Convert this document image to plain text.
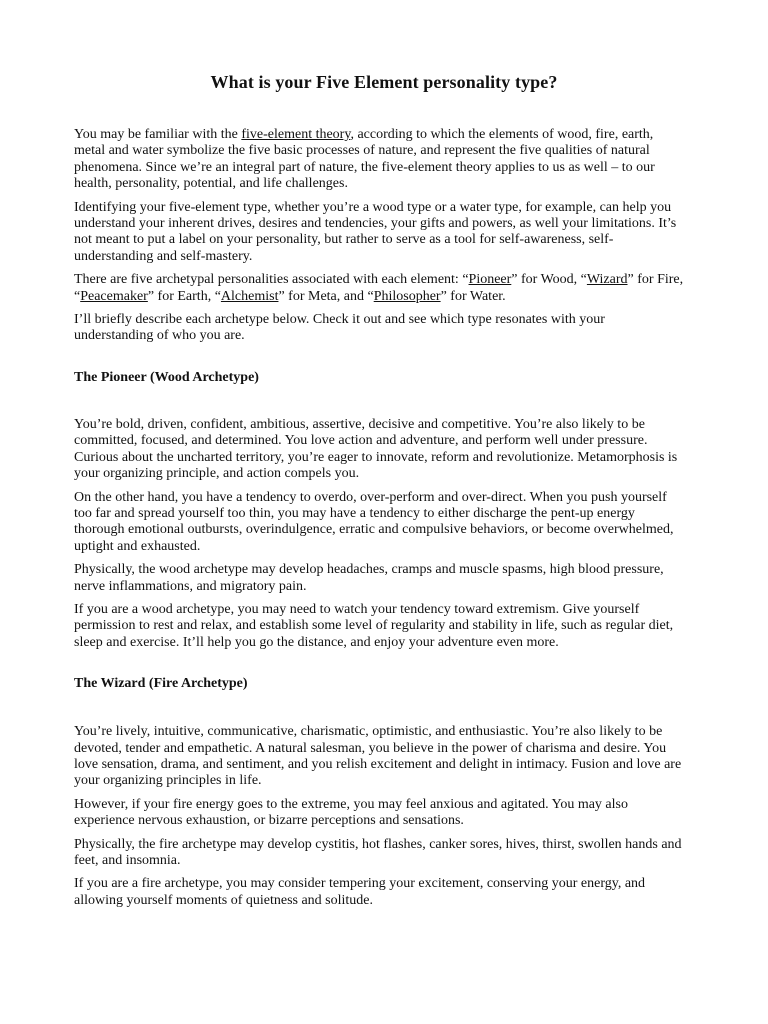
What is your Five Element personality type?

You may be familiar with the five-element theory, according to which the elements of wood, fire, earth, metal and water symbolize the five basic processes of nature, and represent the five qualities of natural phenomena. Since we’re an integral part of nature, the five-element theory applies to us as well – to our health, personality, potential, and life challenges.

Identifying your five-element type, whether you’re a wood type or a water type, for example, can help you understand your inherent drives, desires and tendencies, your gifts and powers, as well your limitations. It’s not meant to put a label on your personality, but rather to serve as a tool for self-awareness, self-understanding and self-mastery.

There are five archetypal personalities associated with each element: “Pioneer” for Wood, “Wizard” for Fire, “Peacemaker” for Earth, “Alchemist” for Meta, and “Philosopher” for Water.

I’ll briefly describe each archetype below. Check it out and see which type resonates with your understanding of who you are.

The Pioneer (Wood Archetype)

You’re bold, driven, confident, ambitious, assertive, decisive and competitive. You’re also likely to be committed, focused, and determined. You love action and adventure, and perform well under pressure. Curious about the uncharted territory, you’re eager to innovate, reform and revolutionize. Metamorphosis is your organizing principle, and action compels you.

On the other hand, you have a tendency to overdo, over-perform and over-direct. When you push yourself too far and spread yourself too thin, you may have a tendency to either discharge the pent-up energy thorough emotional outbursts, overindulgence, erratic and compulsive behaviors, or become overwhelmed, uptight and exhausted.

Physically, the wood archetype may develop headaches, cramps and muscle spasms, high blood pressure, nerve inflammations, and migratory pain.

If you are a wood archetype, you may need to watch your tendency toward extremism. Give yourself permission to rest and relax, and establish some level of regularity and stability in life, such as regular diet, sleep and exercise. It’ll help you go the distance, and enjoy your adventure even more.

The Wizard (Fire Archetype)

You’re lively, intuitive, communicative, charismatic, optimistic, and enthusiastic. You’re also likely to be devoted, tender and empathetic. A natural salesman, you believe in the power of charisma and desire. You love sensation, drama, and sentiment, and you relish excitement and delight in intimacy. Fusion and love are your organizing principles in life.

However, if your fire energy goes to the extreme, you may feel anxious and agitated. You may also experience nervous exhaustion, or bizarre perceptions and sensations.

Physically, the fire archetype may develop cystitis, hot flashes, canker sores, hives, thirst, swollen hands and feet, and insomnia.

If you are a fire archetype, you may consider tempering your excitement, conserving your energy, and allowing yourself moments of quietness and solitude.
